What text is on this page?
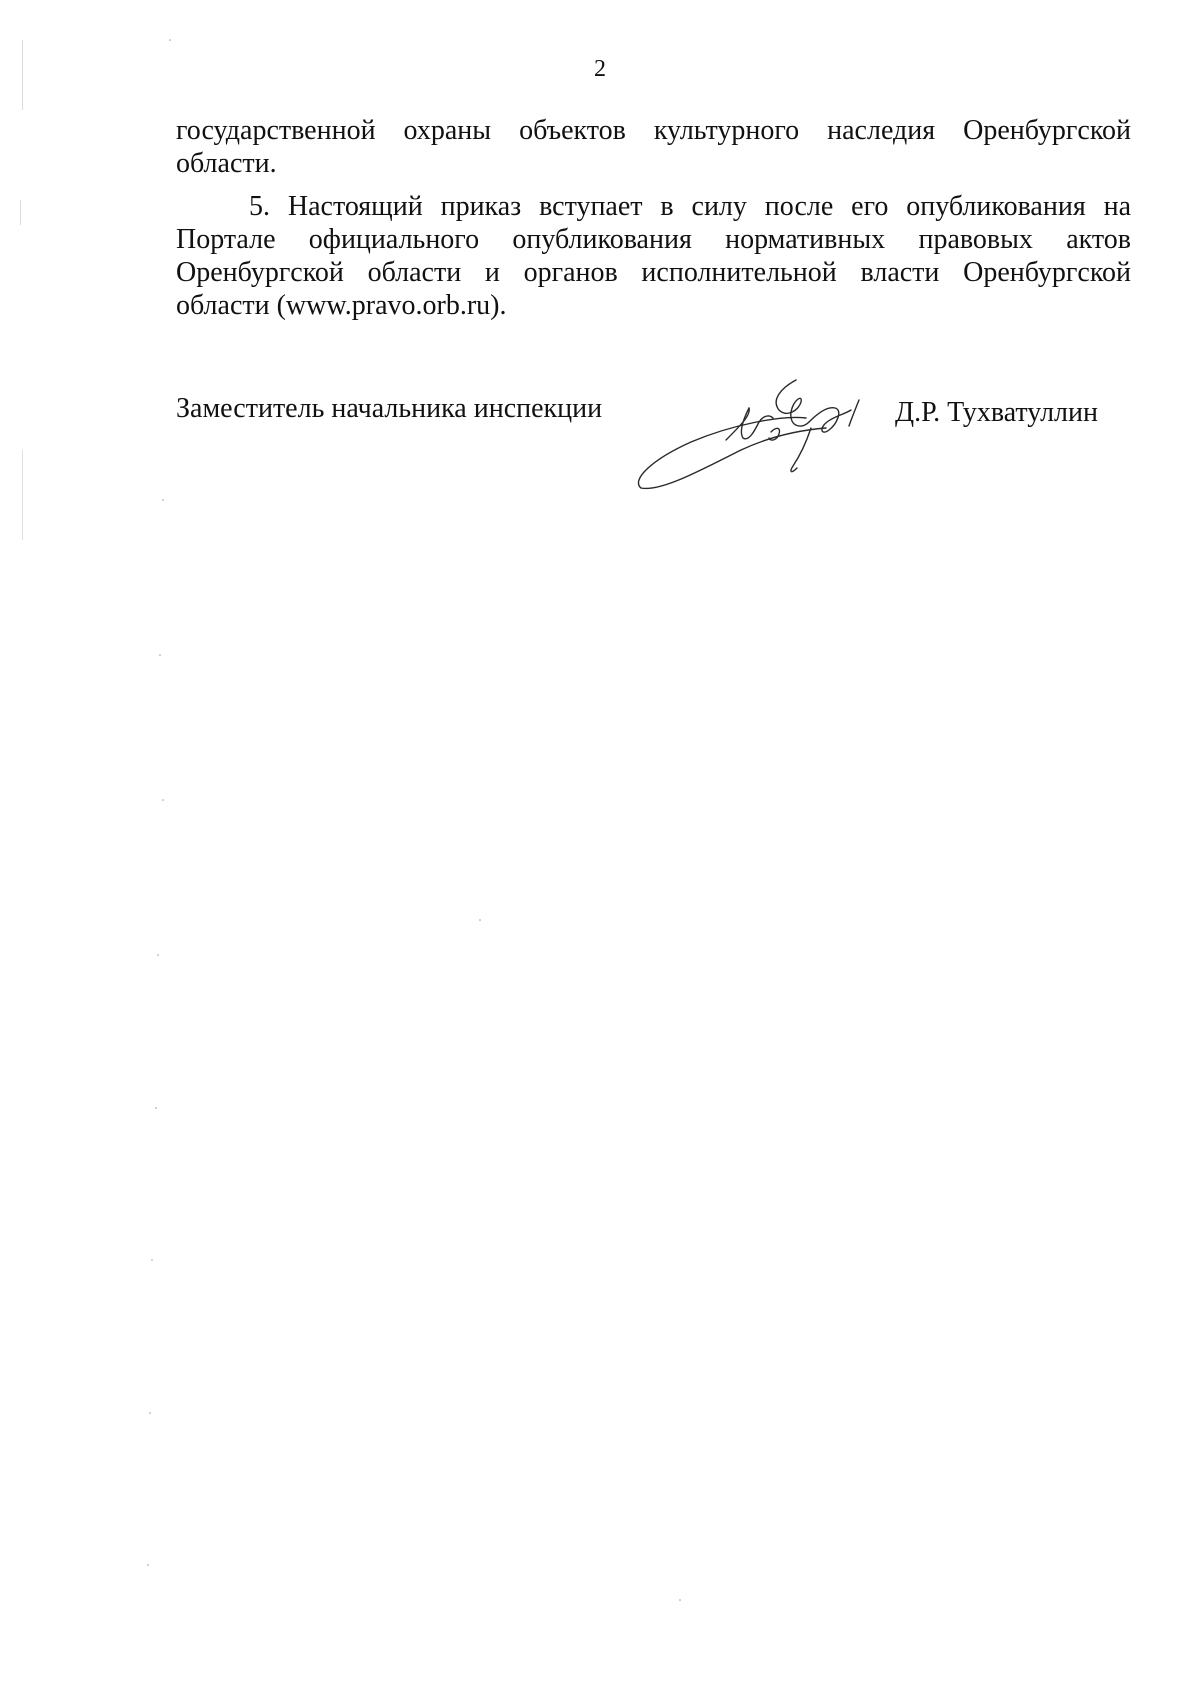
2
государственной охраны объектов культурного наследия Оренбургской
области.
5. Настоящий приказ вступает в силу после его опубликования на
Портале официального опубликования нормативных правовых актов
Оренбургской области и органов исполнительной власти Оренбургской
области (www.pravo.orb.ru).
Заместитель начальника инспекции	Д.Р. Тухватуллин
